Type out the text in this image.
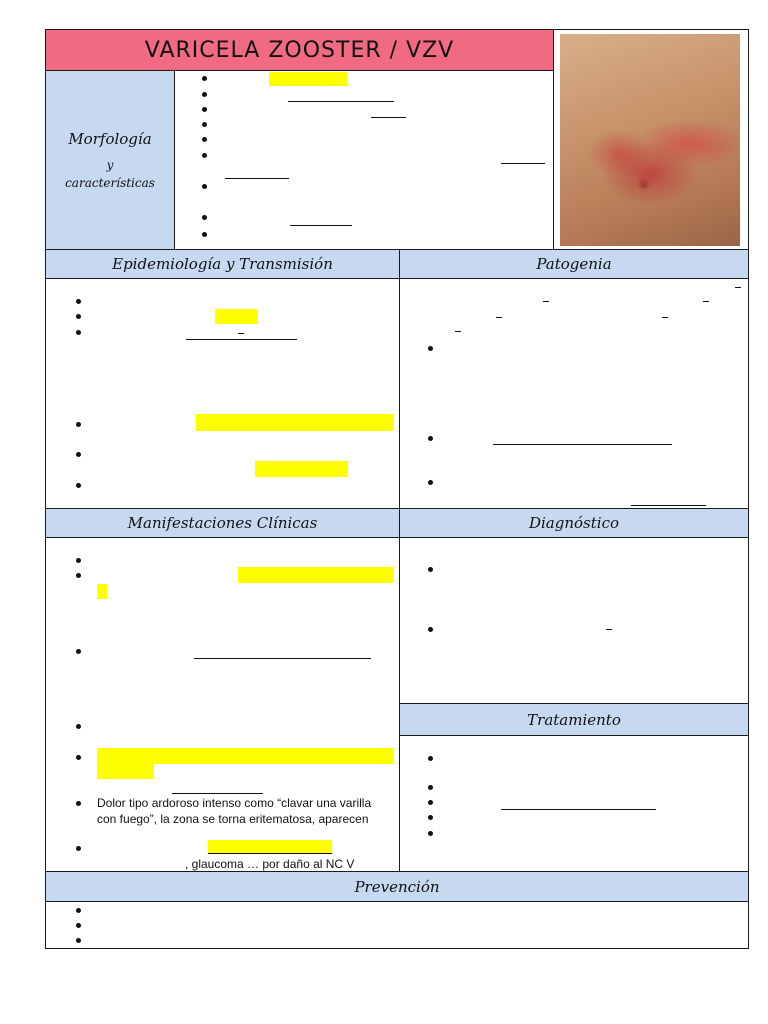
VARICELA ZOOSTER / VZV
Morfología
y
características
Epidemiología y Transmisión	Patogenia
Manifestaciones Clínicas	Diagnóstico
Dolor tipo ardoroso intenso como “clavar una varilla
con fuego”, la zona se torna eritematosa, aparecen
, glaucoma … por daño al NC V
Tratamiento
Prevención
